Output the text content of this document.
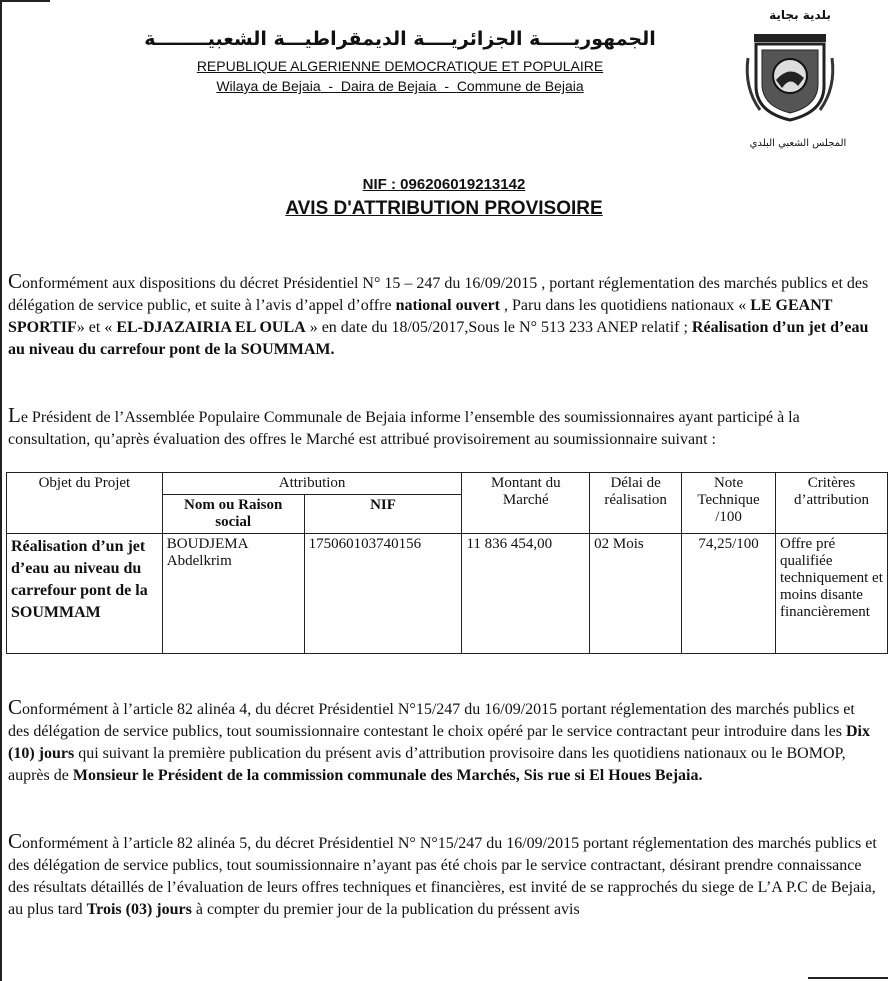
الجمهوريـــــة الجزائريــــة الديمقراطيـــة الشعبيــــــــة
REPUBLIQUE ALGERIENNE DEMOCRATIQUE ET POPULAIRE
Wilaya de Bejaia - Daira de Bejaia - Commune de Bejaia
بلدية بجاية
المجلس الشعبي البلدي
NIF : 096206019213142
AVIS D'ATTRIBUTION PROVISOIRE

Conformément aux dispositions du décret Présidentiel N° 15 – 247 du 16/09/2015 , portant réglementation des marchés publics et des délégation de service public, et suite à l’avis d’appel d’offre national ouvert , Paru dans les quotidiens nationaux « LE GEANT SPORTIF» et « EL-DJAZAIRIA EL OULA » en date du 18/05/2017,Sous le N° 513 233 ANEP relatif ; Réalisation d’un jet d’eau au niveau du carrefour pont de la SOUMMAM.

Le Président de l’Assemblée Populaire Communale de Bejaia informe l’ensemble des soumissionnaires ayant participé à la consultation, qu’après évaluation des offres le Marché est attribué provisoirement au soumissionnaire suivant :

Objet du Projet	Attribution		Montant du Marché	Délai de réalisation	Note Technique /100	Critères d’attribution
	Nom ou Raison social	NIF				
Réalisation d’un jet d’eau au niveau du carrefour pont de la SOUMMAM	BOUDJEMA Abdelkrim	175060103740156	11 836 454,00	02 Mois	74,25/100	Offre pré qualifiée techniquement et moins disante financièrement

Conformément à l’article 82 alinéa 4, du décret Présidentiel N°15/247 du 16/09/2015 portant réglementation des marchés publics et des délégation de service publics, tout soumissionnaire contestant le choix opéré par le service contractant peur introduire dans les Dix (10) jours qui suivant la première publication du présent avis d’attribution provisoire dans les quotidiens nationaux ou le BOMOP, auprès de Monsieur le Président de la commission communale des Marchés, Sis rue si El Houes Bejaia.

Conformément à l’article 82 alinéa 5, du décret Présidentiel N° N°15/247 du 16/09/2015 portant réglementation des marchés publics et des délégation de service publics, tout soumissionnaire n’ayant pas été chois par le service contractant, désirant prendre connaissance des résultats détaillés de l’évaluation de leurs offres techniques et financières, est invité de se rapprochés du siege de L’A P.C de Bejaia, au plus tard Trois (03) jours à compter du premier jour de la publication du préssent avis
